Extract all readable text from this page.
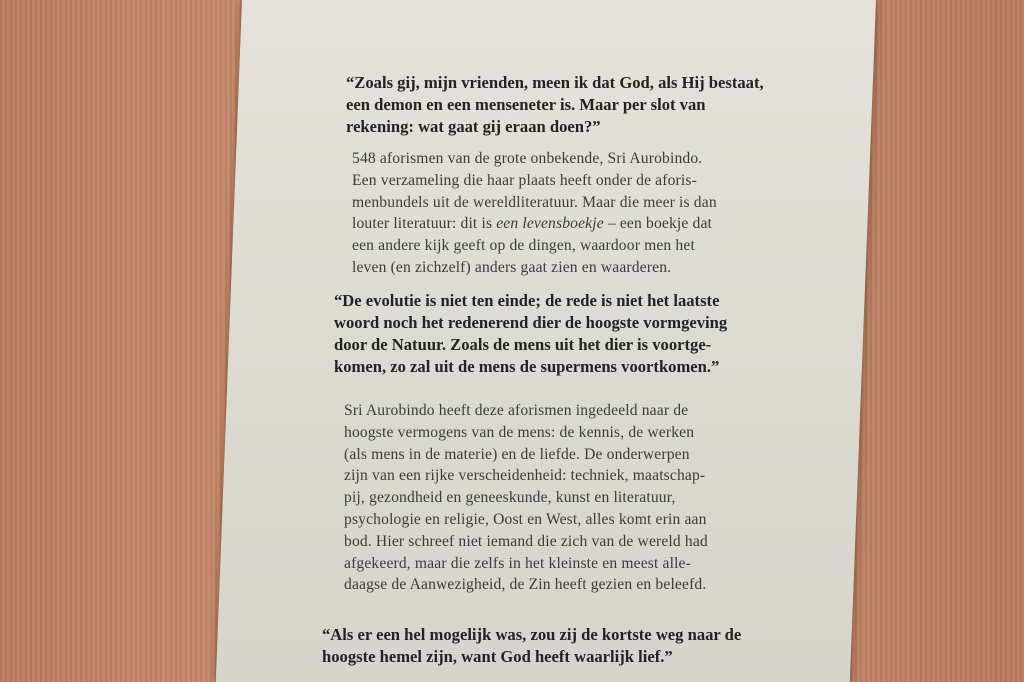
“Zoals gij, mijn vrienden, meen ik dat God, als Hij bestaat,
een demon en een menseneter is. Maar per slot van
rekening: wat gaat gij eraan doen?”

548 aforismen van de grote onbekende, Sri Aurobindo.
Een verzameling die haar plaats heeft onder de aforis-
menbundels uit de wereldliteratuur. Maar die meer is dan
louter literatuur: dit is een levensboekje – een boekje dat
een andere kijk geeft op de dingen, waardoor men het
leven (en zichzelf) anders gaat zien en waarderen.

“De evolutie is niet ten einde; de rede is niet het laatste
woord noch het redenerend dier de hoogste vormgeving
door de Natuur. Zoals de mens uit het dier is voortge-
komen, zo zal uit de mens de supermens voortkomen.”

Sri Aurobindo heeft deze aforismen ingedeeld naar de
hoogste vermogens van de mens: de kennis, de werken
(als mens in de materie) en de liefde. De onderwerpen
zijn van een rijke verscheidenheid: techniek, maatschap-
pij, gezondheid en geneeskunde, kunst en literatuur,
psychologie en religie, Oost en West, alles komt erin aan
bod. Hier schreef niet iemand die zich van de wereld had
afgekeerd, maar die zelfs in het kleinste en meest alle-
daagse de Aanwezigheid, de Zin heeft gezien en beleefd.

“Als er een hel mogelijk was, zou zij de kortste weg naar de
hoogste hemel zijn, want God heeft waarlijk lief.”
